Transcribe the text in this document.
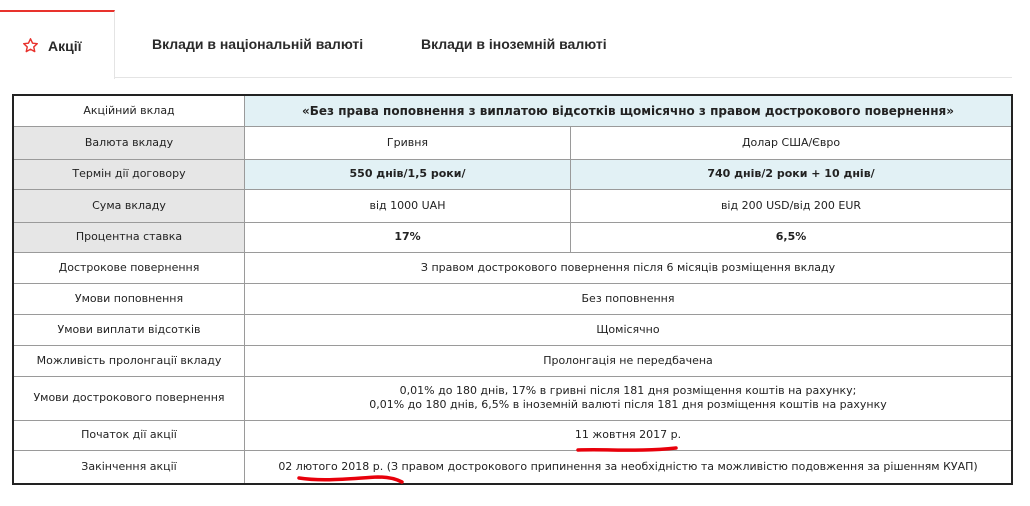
Акції	Вклади в національній валюті	Вклади в іноземній валюті
Акційний вклад	«Без права поповнення з виплатою відсотків щомісячно з правом дострокового повернення»	
Валюта вкладу	Гривня	Долар США/Євро
Термін дії договору	550 днів/1,5 роки/	740 днів/2 роки + 10 днів/
Сума вкладу	від 1000 UAH	від 200 USD/від 200 EUR
Процентна ставка	17%	6,5%
Дострокове повернення	З правом дострокового повернення після 6 місяців розміщення вкладу	
Умови поповнення	Без поповнення	
Умови виплати відсотків	Щомісячно	
Можливість пролонгації вкладу	Пролонгація не передбачена	
Умови дострокового повернення	0,01% до 180 днів, 17% в гривні після 181 дня розміщення коштів на рахунку;
0,01% до 180 днів, 6,5% в іноземній валюті після 181 дня розміщення коштів на рахунку	

Початок дії акції	11 жовтня 2017 р.	
Закінчення акції	02 лютого 2018 р. (З правом дострокового припинення за необхідністю та можливістю подовження за рішенням КУАП)	
